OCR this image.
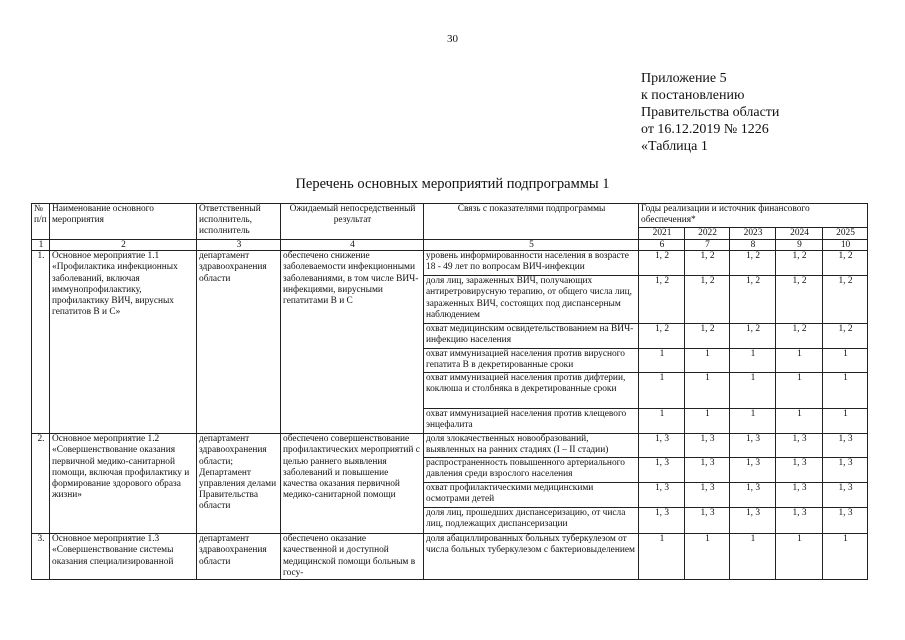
30
Приложение 5
к постановлению
Правительства области
от 16.12.2019 № 1226
«Таблица 1
Перечень основных мероприятий подпрограммы 1
№ п/п	Наименование основного мероприятия	Ответственный исполнитель, исполнитель	Ожидаемый непосредственный результат	Связь с показателями подпрограммы	Годы реализации и источник финансового обеспечения*				
					2021	2022	2023	2024	2025
1	2	3	4	5	6	7	8	9	10
1.	Основное мероприятие 1.1 «Профилактика инфекционных заболеваний, включая иммунопрофилактику, профилактику ВИЧ, вирусных гепатитов В и С»	департамент здравоохранения области	обеспечено снижение заболеваемости инфекционными заболеваниями, в том числе ВИЧ-инфекциями, вирусными гепатитами В и С	уровень информированности населения в возрасте 18 - 49 лет по вопросам ВИЧ-инфекции	1, 2	1, 2	1, 2	1, 2	1, 2
				доля лиц, зараженных ВИЧ, получающих антиретровирусную терапию, от общего числа лиц, зараженных ВИЧ, состоящих под диспансерным наблюдением	1, 2	1, 2	1, 2	1, 2	1, 2
				охват медицинским освидетельствованием на ВИЧ-инфекцию населения	1, 2	1, 2	1, 2	1, 2	1, 2
				охват иммунизацией населения против вирусного гепатита В в декретированные сроки	1	1	1	1	1
				охват иммунизацией населения против дифтерии, коклюша и столбняка в декретированные сроки	1	1	1	1	1
				охват иммунизацией населения против клещевого энцефалита	1	1	1	1	1
2.	Основное мероприятие 1.2 «Совершенствование оказания первичной медико-санитарной помощи, включая профилактику и формирование здорового образа жизни»	департамент здравоохранения области; Департамент управления делами Правительства области	обеспечено совершенствование профилактических мероприятий с целью раннего выявления заболеваний и повышение качества оказания первичной медико-санитарной помощи	доля злокачественных новообразований, выявленных на ранних стадиях (I – II стадии)	1, 3	1, 3	1, 3	1, 3	1, 3
				распространенность повышенного артериального давления среди взрослого населения	1, 3	1, 3	1, 3	1, 3	1, 3
				охват профилактическими медицинскими осмотрами детей	1, 3	1, 3	1, 3	1, 3	1, 3
				доля лиц, прошедших диспансеризацию, от числа лиц, подлежащих диспансеризации	1, 3	1, 3	1, 3	1, 3	1, 3
3.	Основное мероприятие 1.3 «Совершенствование системы оказания специализированной	департамент здравоохранения области	обеспечено оказание качественной и доступной медицинской помощи больным в госу-	доля абациллированных больных туберкулезом от числа больных туберкулезом с бактериовыделением	1	1	1	1	1
